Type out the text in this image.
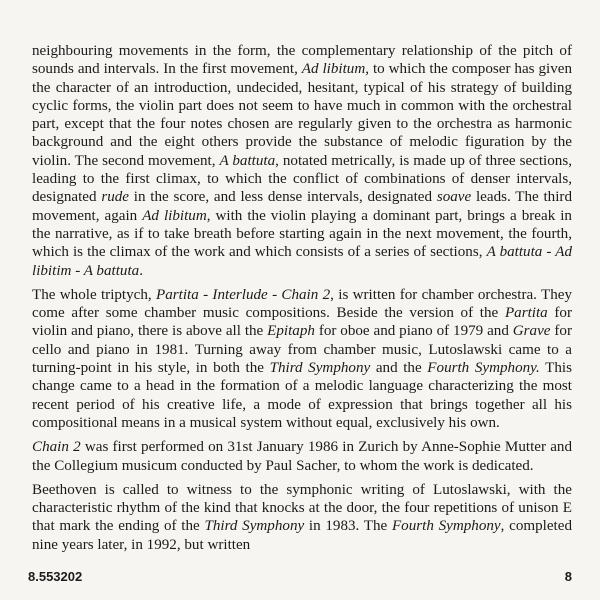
neighbouring movements in the form, the complementary relationship of the pitch of sounds and intervals. In the first movement, Ad libitum, to which the composer has given the character of an introduction, undecided, hesitant, typical of his strategy of building cyclic forms, the violin part does not seem to have much in common with the orchestral part, except that the four notes chosen are regularly given to the orchestra as harmonic background and the eight others provide the substance of melodic figuration by the violin. The second movement, A battuta, notated metrically, is made up of three sections, leading to the first climax, to which the conflict of combinations of denser intervals, designated rude in the score, and less dense intervals, designated soave leads. The third movement, again Ad libitum, with the violin playing a dominant part, brings a break in the narrative, as if to take breath before starting again in the next movement, the fourth, which is the climax of the work and which consists of a series of sections, A battuta - Ad libitim - A battuta.

The whole triptych, Partita - Interlude - Chain 2, is written for chamber orchestra. They come after some chamber music compositions. Beside the version of the Partita for violin and piano, there is above all the Epitaph for oboe and piano of 1979 and Grave for cello and piano in 1981. Turning away from chamber music, Lutoslawski came to a turning-point in his style, in both the Third Symphony and the Fourth Symphony. This change came to a head in the formation of a melodic language characterizing the most recent period of his creative life, a mode of expression that brings together all his compositional means in a musical system without equal, exclusively his own.

Chain 2 was first performed on 31st January 1986 in Zurich by Anne-Sophie Mutter and the Collegium musicum conducted by Paul Sacher, to whom the work is dedicated.

Beethoven is called to witness to the symphonic writing of Lutoslawski, with the characteristic rhythm of the kind that knocks at the door, the four repetitions of unison E that mark the ending of the Third Symphony in 1983. The Fourth Symphony, completed nine years later, in 1992, but written

8.553202	8
